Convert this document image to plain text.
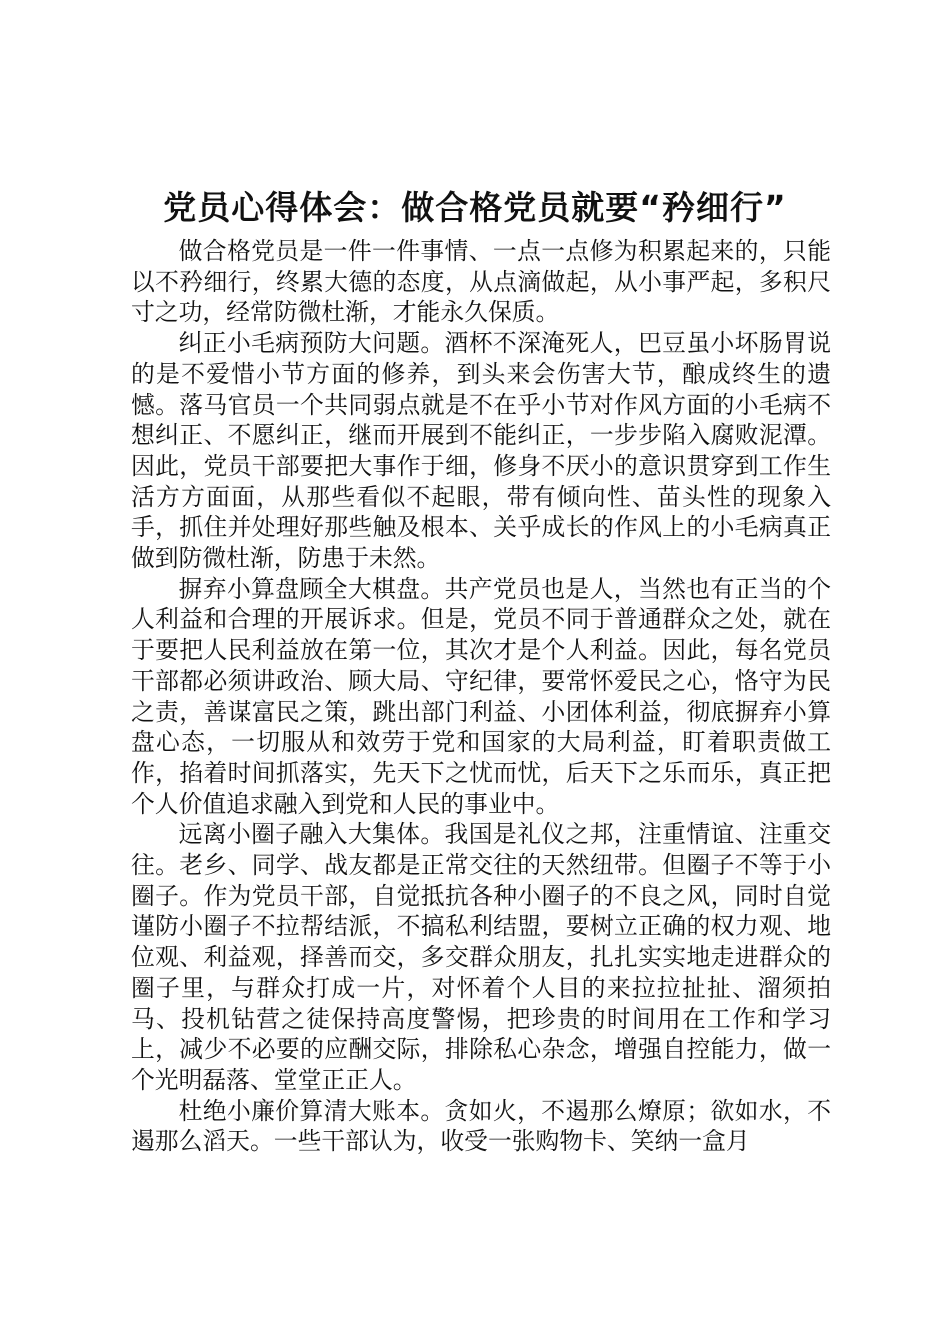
党员心得体会：做合格党员就要“矜细行”

做合格党员是一件一件事情、一点一点修为积累起来的，只能以不矜细行，终累大德的态度，从点滴做起，从小事严起，多积尺寸之功，经常防微杜渐，才能永久保质。

纠正小毛病预防大问题。酒杯不深淹死人，巴豆虽小坏肠胃说的是不爱惜小节方面的修养，到头来会伤害大节，酿成终生的遗憾。落马官员一个共同弱点就是不在乎小节对作风方面的小毛病不想纠正、不愿纠正，继而开展到不能纠正，一步步陷入腐败泥潭。因此，党员干部要把大事作于细，修身不厌小的意识贯穿到工作生活方方面面，从那些看似不起眼，带有倾向性、苗头性的现象入手，抓住并处理好那些触及根本、关乎成长的作风上的小毛病真正做到防微杜渐，防患于未然。

摒弃小算盘顾全大棋盘。共产党员也是人，当然也有正当的个人利益和合理的开展诉求。但是，党员不同于普通群众之处，就在于要把人民利益放在第一位，其次才是个人利益。因此，每名党员干部都必须讲政治、顾大局、守纪律，要常怀爱民之心，恪守为民之责，善谋富民之策，跳出部门利益、小团体利益，彻底摒弃小算盘心态，一切服从和效劳于党和国家的大局利益，盯着职责做工作，掐着时间抓落实，先天下之忧而忧，后天下之乐而乐，真正把个人价值追求融入到党和人民的事业中。

远离小圈子融入大集体。我国是礼仪之邦，注重情谊、注重交往。老乡、同学、战友都是正常交往的天然纽带。但圈子不等于小圈子。作为党员干部，自觉抵抗各种小圈子的不良之风，同时自觉谨防小圈子不拉帮结派，不搞私利结盟，要树立正确的权力观、地位观、利益观，择善而交，多交群众朋友，扎扎实实地走进群众的圈子里，与群众打成一片，对怀着个人目的来拉拉扯扯、溜须拍马、投机钻营之徒保持高度警惕，把珍贵的时间用在工作和学习上，减少不必要的应酬交际，排除私心杂念，增强自控能力，做一个光明磊落、堂堂正正人。

杜绝小廉价算清大账本。贪如火，不遏那么燎原；欲如水，不遏那么滔天。一些干部认为，收受一张购物卡、笑纳一盒月
